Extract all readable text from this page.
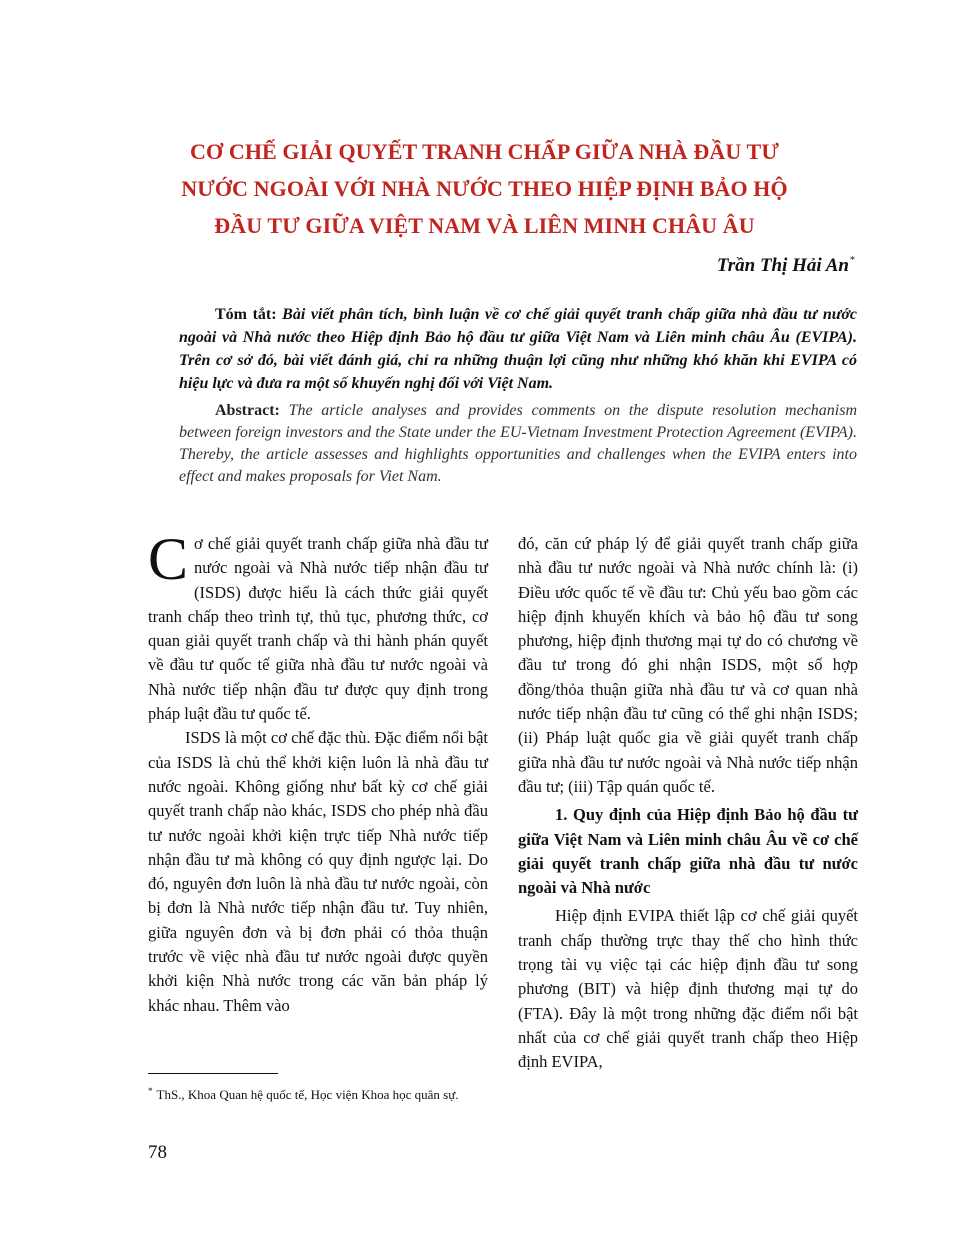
CƠ CHẾ GIẢI QUYẾT TRANH CHẤP GIỮA NHÀ ĐẦU TƯ
NƯỚC NGOÀI VỚI NHÀ NƯỚC THEO HIỆP ĐỊNH BẢO HỘ
ĐẦU TƯ GIỮA VIỆT NAM VÀ LIÊN MINH CHÂU ÂU
Trần Thị Hải An*

Tóm tắt: Bài viết phân tích, bình luận về cơ chế giải quyết tranh chấp giữa nhà đầu tư nước ngoài và Nhà nước theo Hiệp định Bảo hộ đầu tư giữa Việt Nam và Liên minh châu Âu (EVIPA). Trên cơ sở đó, bài viết đánh giá, chỉ ra những thuận lợi cũng như những khó khăn khi EVIPA có hiệu lực và đưa ra một số khuyến nghị đối với Việt Nam.

Abstract: The article analyses and provides comments on the dispute resolution mechanism between foreign investors and the State under the EU-Vietnam Investment Protection Agreement (EVIPA). Thereby, the article assesses and highlights opportunities and challenges when the EVIPA enters into effect and makes proposals for Viet Nam.

Cơ chế giải quyết tranh chấp giữa nhà đầu tư nước ngoài và Nhà nước tiếp nhận đầu tư (ISDS) được hiểu là cách thức giải quyết tranh chấp theo trình tự, thủ tục, phương thức, cơ quan giải quyết tranh chấp và thi hành phán quyết về đầu tư quốc tế giữa nhà đầu tư nước ngoài và Nhà nước tiếp nhận đầu tư được quy định trong pháp luật đầu tư quốc tế.

ISDS là một cơ chế đặc thù. Đặc điểm nổi bật của ISDS là chủ thể khởi kiện luôn là nhà đầu tư nước ngoài. Không giống như bất kỳ cơ chế giải quyết tranh chấp nào khác, ISDS cho phép nhà đầu tư nước ngoài khởi kiện trực tiếp Nhà nước tiếp nhận đầu tư mà không có quy định ngược lại. Do đó, nguyên đơn luôn là nhà đầu tư nước ngoài, còn bị đơn là Nhà nước tiếp nhận đầu tư. Tuy nhiên, giữa nguyên đơn và bị đơn phải có thỏa thuận trước về việc nhà đầu tư nước ngoài được quyền khởi kiện Nhà nước trong các văn bản pháp lý khác nhau. Thêm vào

đó, căn cứ pháp lý để giải quyết tranh chấp giữa nhà đầu tư nước ngoài và Nhà nước chính là: (i) Điều ước quốc tế về đầu tư: Chủ yếu bao gồm các hiệp định khuyến khích và bảo hộ đầu tư song phương, hiệp định thương mại tự do có chương về đầu tư trong đó ghi nhận ISDS, một số hợp đồng/thỏa thuận giữa nhà đầu tư và cơ quan nhà nước tiếp nhận đầu tư cũng có thể ghi nhận ISDS; (ii) Pháp luật quốc gia về giải quyết tranh chấp giữa nhà đầu tư nước ngoài và Nhà nước tiếp nhận đầu tư; (iii) Tập quán quốc tế.

1. Quy định của Hiệp định Bảo hộ đầu tư giữa Việt Nam và Liên minh châu Âu về cơ chế giải quyết tranh chấp giữa nhà đầu tư nước ngoài và Nhà nước

Hiệp định EVIPA thiết lập cơ chế giải quyết tranh chấp thường trực thay thế cho hình thức trọng tài vụ việc tại các hiệp định đầu tư song phương (BIT) và hiệp định thương mại tự do (FTA). Đây là một trong những đặc điểm nổi bật nhất của cơ chế giải quyết tranh chấp theo Hiệp định EVIPA,

* ThS., Khoa Quan hệ quốc tế, Học viện Khoa học quân sự.
78
